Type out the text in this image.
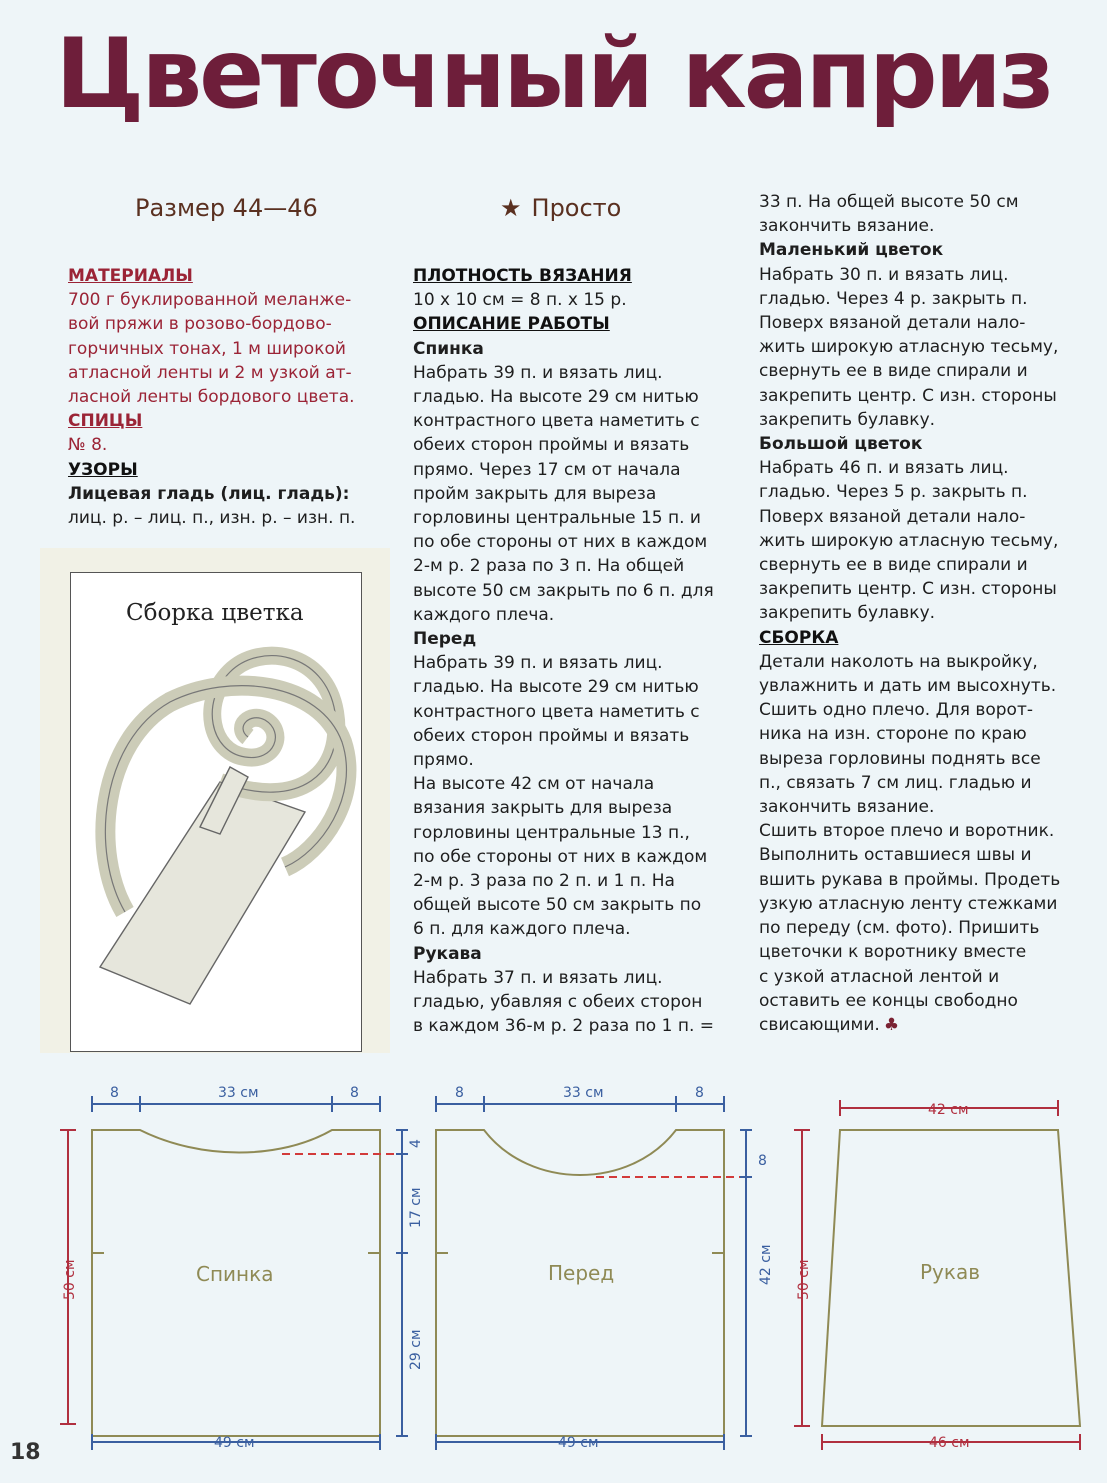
Цветочный каприз
Размер 44—46	★ Просто
МАТЕРИАЛЫ
700 г буклированной меланже-
вой пряжи в розово-бордово-
горчичных тонах, 1 м широкой
атласной ленты и 2 м узкой ат-
ласной ленты бордового цвета.
СПИЦЫ
№ 8.
УЗОРЫ
Лицевая гладь (лиц. гладь):
лиц. р. – лиц. п., изн. р. – изн. п.
Сборка цветка
ПЛОТНОСТЬ ВЯЗАНИЯ
10 x 10 см = 8 п. x 15 р.
ОПИСАНИЕ РАБОТЫ
Спинка
Набрать 39 п. и вязать лиц.
гладью. На высоте 29 см нитью
контрастного цвета наметить с
обеих сторон проймы и вязать
прямо. Через 17 см от начала
пройм закрыть для выреза
горловины центральные 15 п. и
по обе стороны от них в каждом
2-м р. 2 раза по 3 п. На общей
высоте 50 см закрыть по 6 п. для
каждого плеча.
Перед
Набрать 39 п. и вязать лиц.
гладью. На высоте 29 см нитью
контрастного цвета наметить с
обеих сторон проймы и вязать
прямо.
На высоте 42 см от начала
вязания закрыть для выреза
горловины центральные 13 п.,
по обе стороны от них в каждом
2-м р. 3 раза по 2 п. и 1 п. На
общей высоте 50 см закрыть по
6 п. для каждого плеча.
Рукава
Набрать 37 п. и вязать лиц.
гладью, убавляя с обеих сторон
в каждом 36-м р. 2 раза по 1 п. =
33 п. На общей высоте 50 см
закончить вязание.
Маленький цветок
Набрать 30 п. и вязать лиц.
гладью. Через 4 р. закрыть п.
Поверх вязаной детали нало-
жить широкую атласную тесьму,
свернуть ее в виде спирали и
закрепить центр. С изн. стороны
закрепить булавку.
Большой цветок
Набрать 46 п. и вязать лиц.
гладью. Через 5 р. закрыть п.
Поверх вязаной детали нало-
жить широкую атласную тесьму,
свернуть ее в виде спирали и
закрепить центр. С изн. стороны
закрепить булавку.
СБОРКА
Детали наколоть на выкройку,
увлажнить и дать им высохнуть.
Сшить одно плечо. Для ворот-
ника на изн. стороне по краю
выреза горловины поднять все
п., связать 7 см лиц. гладью и
закончить вязание.
Сшить второе плечо и воротник.
Выполнить оставшиеся швы и
вшить рукава в проймы. Продеть
узкую атласную ленту стежками
по переду (см. фото). Пришить
цветочки к воротнику вместе
с узкой атласной лентой и
оставить ее концы свободно
свисающими. ♣
8	33 см	8
50 см
4
17 см
29 см
Спинка
49 см
8	33 см	8
8
42 см
Перед
49 см
42 см
50 см	Рукав
46 см
18
